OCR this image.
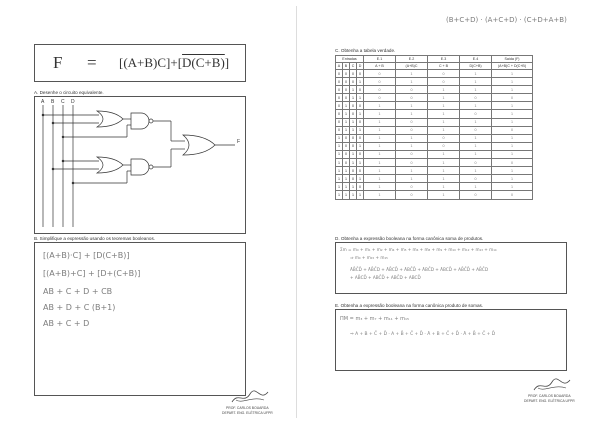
F = [(A+B)C]+[D(C+B)]
A. Desenhe o circuito equivalente.
A B C D
F
B. Simplifique a expressão usando os teoremas booleanos.
[(A+B)·C] + [D(C+B)]
[(A+B)+C] + [D+(C+B)]
AB + C + D + CB
AB + D + C (B+1)
AB + C + D
PROF. CARLOS BOUARDA
DEPART. ENG. ELÉTRICA UFPR
(B+C+D) · (A+C+D) · (C+D+A+B)
C. Obtenha a tabela verdade.
Entradas				E.1	E.2	E.3	E.4	Saída (F)
A	B	C	D	A + B	(A+B)C	C + B	D(C+B)	(A+B)C + D(C+B)
0	0	0	0	0	1	0	1	1
0	0	0	1	0	1	0	1	1
0	0	1	0	0	0	1	1	1
0	0	1	1	0	0	1	0	0
0	1	0	0	1	1	1	1	1
0	1	0	1	1	1	1	0	1
0	1	1	0	1	0	1	1	1
0	1	1	1	1	0	1	0	0
1	0	0	0	1	1	0	1	1
1	0	0	1	1	1	0	1	1
1	0	1	0	1	0	1	1	1
1	0	1	1	1	0	1	0	0
1	1	0	0	1	1	1	1	1
1	1	0	1	1	1	1	0	1
1	1	1	0	1	0	1	1	1
1	1	1	1	1	0	1	0	0
D. Obtenha a expressão booleana na forma canônica soma de produtos.
Σm = m₀ + m₁ + m₂ + m₄ + m₅ + m₆ + m₈ + m₉ + m₁₀ + m₁₂ + m₁₃ + m₁₄
⇒ m₀ + m₁₅ + m₁₅
ĀB̄C̄D̄ + ĀB̄C̄D + ĀB̄CD̄ + ĀBC̄D̄ + ĀBC̄D + ĀBCD̄ + AB̄C̄D̄ + AB̄C̄D
+ AB̄CD̄ + ABC̄D̄ + ABC̄D + ABCD̄
E. Obtenha a expressão booleana na forma canônica produto de somas.
ΠM = m₃ + m₇ + m₁₁ + m₁₅
⇒ A + B + C̄ + D̄ · A + B̄ + C̄ + D̄ · Ā + B + C̄ + D̄ · Ā + B̄ + C̄ + D̄
PROF. CARLOS BOUARDA
DEPART. ENG. ELÉTRICA UFPR
